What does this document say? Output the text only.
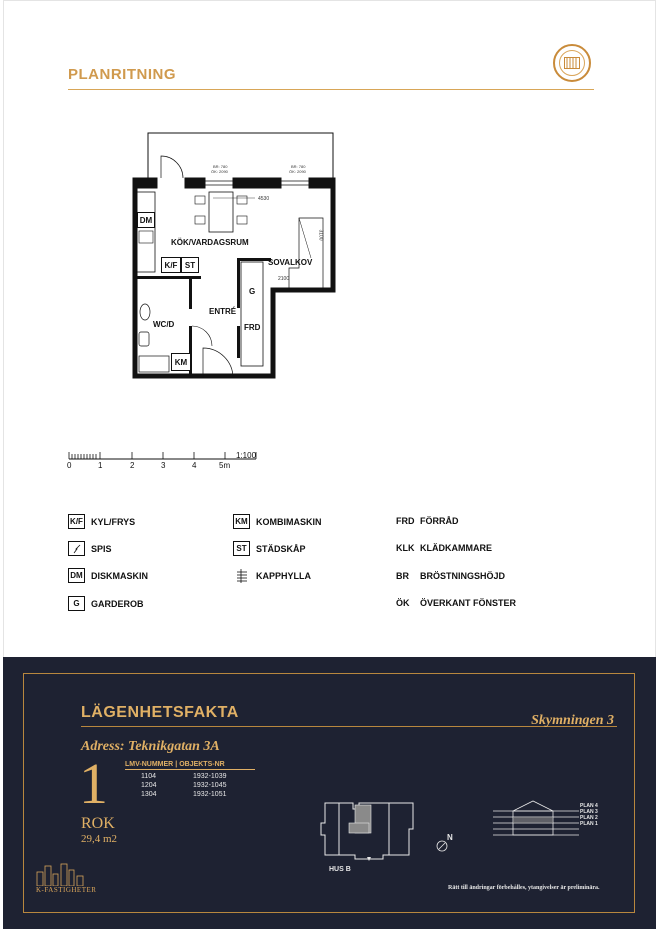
PLANRITNING
KÖK/VARDAGSRUM
SOVALKOV
ENTRÉ
WC/D
DM
K/F ST
G
FRD
KM
4530
3100
2100
BR: 780
ÖK: 2090
BR: 780
ÖK: 2090
0	1	2	3	4	5m
1:100
K/F KYL/FRYS
SPIS
DM DISKMASKIN
G	GARDEROB
KM KOMBIMASKIN
ST	STÄDSKÅP
KAPPHYLLA
FRD FÖRRÅD
KLK KLÄDKAMMARE
BR	BRÖSTNINGSHÖJD
ÖK	ÖVERKANT FÖNSTER
LÄGENHETSFAKTA	Skymningen 3
Adress: Teknikgatan 3A
1
ROK
29,4 m2
LMV-NUMMER | OBJEKTS-NR
1104	1932-1039
1204	1932-1045
1304	1932-1051
HUS B
N
PLAN 4
PLAN 3
PLAN 2
PLAN 1
K-FASTIGHETER	Rätt till ändringar förbehålles, ytangivelser är preliminära.
